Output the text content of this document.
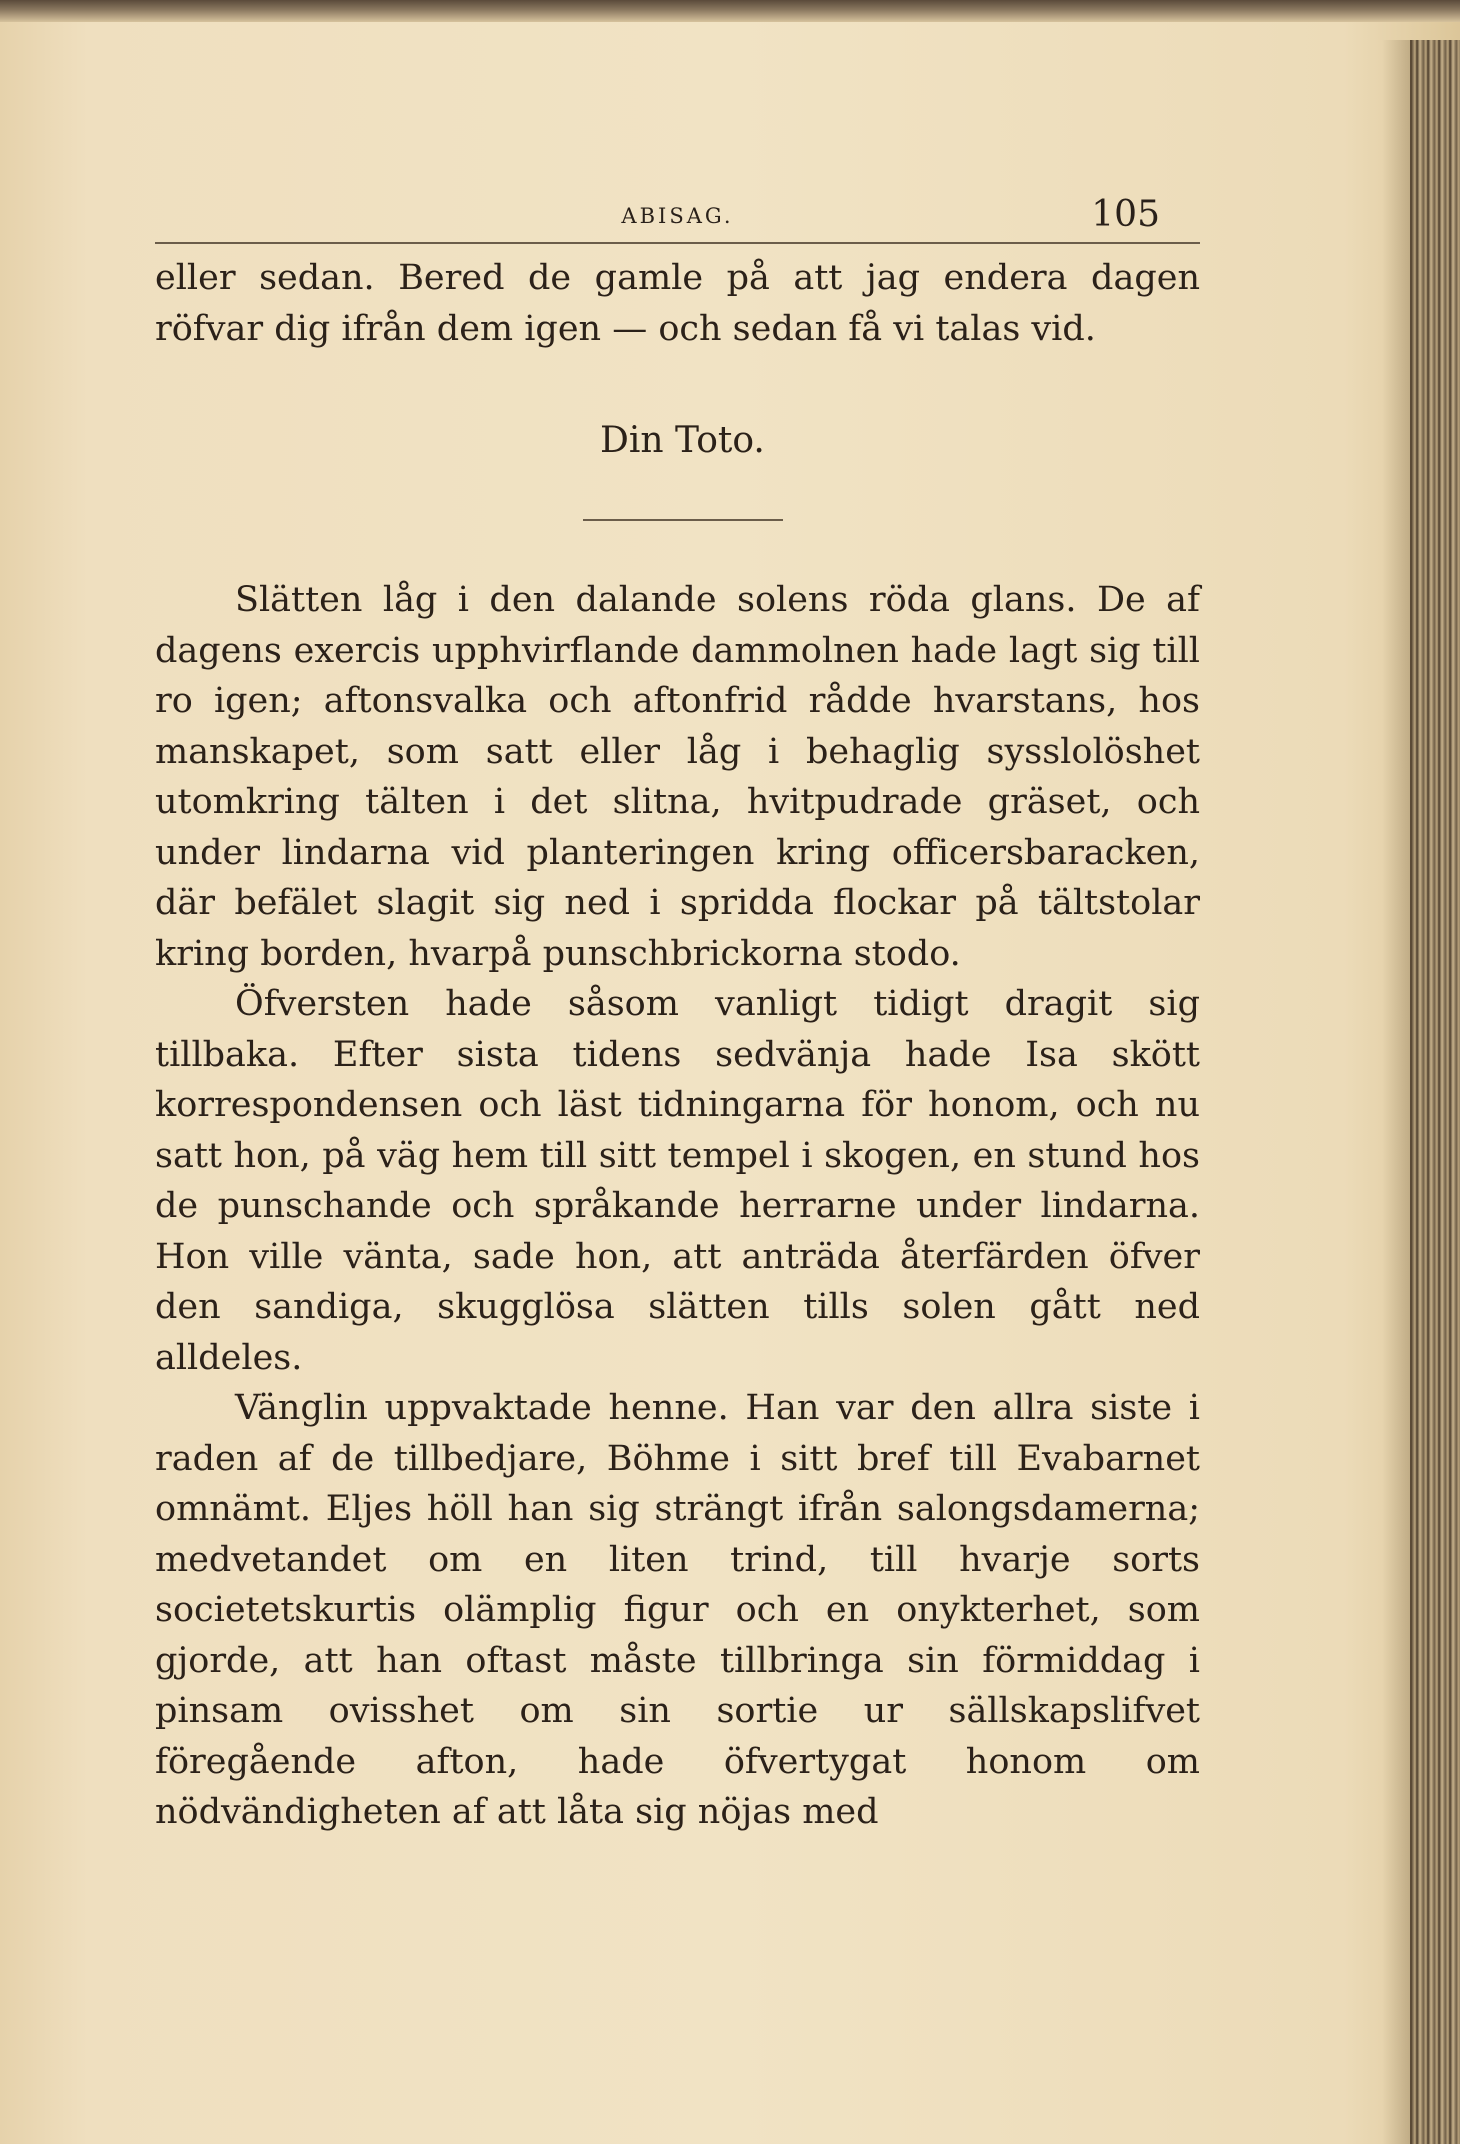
ABISAG.	105

eller sedan. Bered de gamle på att jag endera dagen röfvar dig ifrån dem igen — och sedan få vi talas vid.

Din Toto.

Slätten låg i den dalande solens röda glans. De af dagens exercis upphvirflande dammolnen hade lagt sig till ro igen; aftonsvalka och aftonfrid rådde hvarstans, hos manskapet, som satt eller låg i behaglig sysslolöshet utomkring tälten i det slitna, hvitpudrade gräset, och under lindarna vid planteringen kring officersbaracken, där befälet slagit sig ned i spridda flockar på tältstolar kring borden, hvarpå punschbrickorna stodo.

Öfversten hade såsom vanligt tidigt dragit sig tillbaka. Efter sista tidens sedvänja hade Isa skött korrespondensen och läst tidningarna för honom, och nu satt hon, på väg hem till sitt tempel i skogen, en stund hos de punschande och språkande herrarne under lindarna. Hon ville vänta, sade hon, att anträda återfärden öfver den sandiga, skugglösa slätten tills solen gått ned alldeles.

Vänglin uppvaktade henne. Han var den allra siste i raden af de tillbedjare, Böhme i sitt bref till Evabarnet omnämt. Eljes höll han sig strängt ifrån salongsdamerna; medvetandet om en liten trind, till hvarje sorts societetskurtis olämplig figur och en onykterhet, som gjorde, att han oftast måste tillbringa sin förmiddag i pinsam ovisshet om sin sortie ur sällskapslifvet föregående afton, hade öfvertygat honom om nödvändigheten af att låta sig nöjas med
